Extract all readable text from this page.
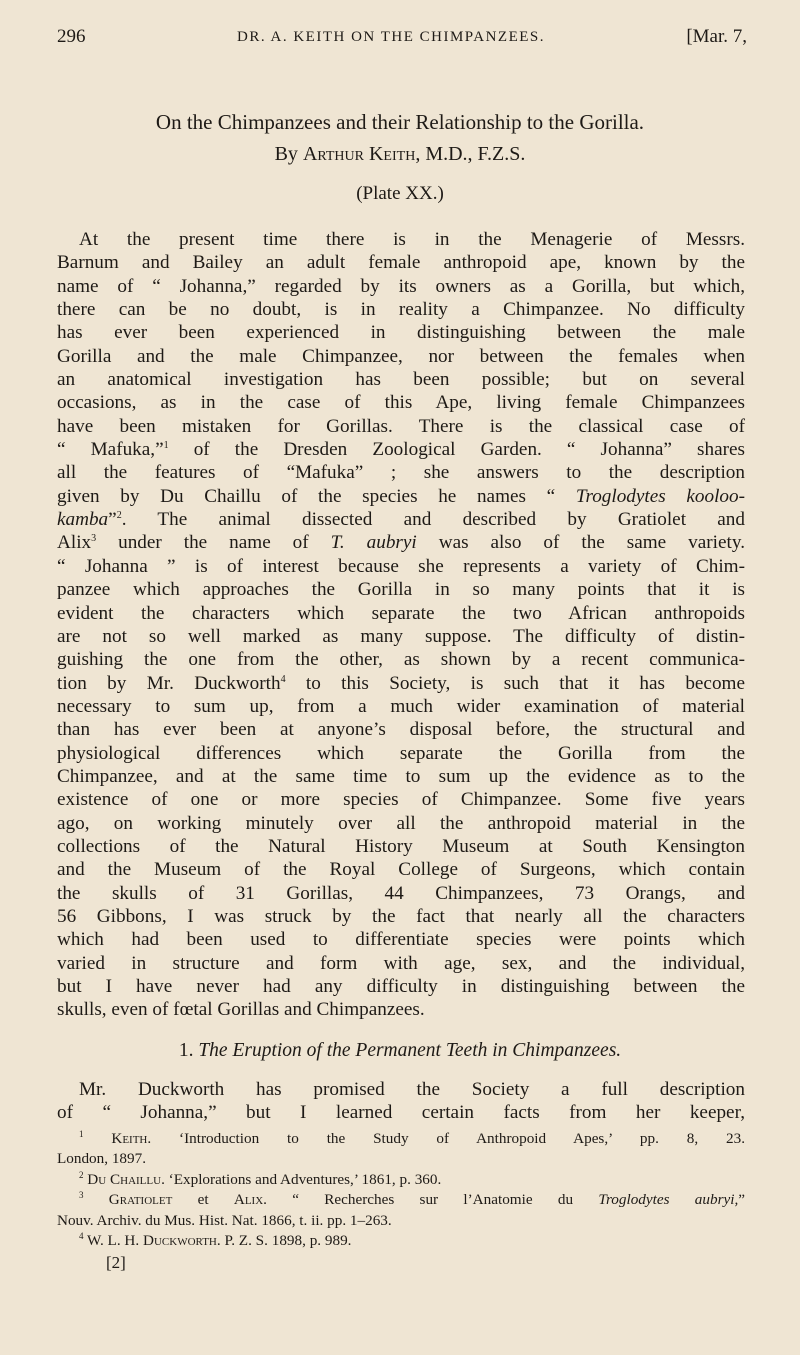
296	DR. A. KEITH ON THE CHIMPANZEES.	[Mar. 7,
On the Chimpanzees and their Relationship to the Gorilla.
By Arthur Keith, M.D., F.Z.S.
(Plate XX.)
At the present time there is in the Menagerie of Messrs.
Barnum and Bailey an adult female anthropoid ape, known by the
name of “ Johanna,” regarded by its owners as a Gorilla, but which,
there can be no doubt, is in reality a Chimpanzee. No difficulty
has ever been experienced in distinguishing between the male
Gorilla and the male Chimpanzee, nor between the females when
an anatomical investigation has been possible; but on several
occasions, as in the case of this Ape, living female Chimpanzees
have been mistaken for Gorillas. There is the classical case of
“ Mafuka,”$^1$ of the Dresden Zoological Garden. “ Johanna” shares
all the features of “Mafuka” ; she answers to the description
given by Du Chaillu of the species he names “ Troglodytes kooloo-
kamba”$^2$. The animal dissected and described by Gratiolet and
Alix$^3$ under the name of T. aubryi was also of the same variety.
“ Johanna ” is of interest because she represents a variety of Chim-
panzee which approaches the Gorilla in so many points that it is
evident the characters which separate the two African anthropoids
are not so well marked as many suppose. The difficulty of distin-
guishing the one from the other, as shown by a recent communica-
tion by Mr. Duckworth$^4$ to this Society, is such that it has become
necessary to sum up, from a much wider examination of material
than has ever been at anyone’s disposal before, the structural and
physiological differences which separate the Gorilla from the
Chimpanzee, and at the same time to sum up the evidence as to the
existence of one or more species of Chimpanzee. Some five years
ago, on working minutely over all the anthropoid material in the
collections of the Natural History Museum at South Kensington
and the Museum of the Royal College of Surgeons, which contain
the skulls of 31 Gorillas, 44 Chimpanzees, 73 Orangs, and
56 Gibbons, I was struck by the fact that nearly all the characters
which had been used to differentiate species were points which
varied in structure and form with age, sex, and the individual,
but I have never had any difficulty in distinguishing between the
skulls, even of fœtal Gorillas and Chimpanzees.
1. The Eruption of the Permanent Teeth in Chimpanzees.
Mr. Duckworth has promised the Society a full description
of “ Johanna,” but I learned certain facts from her keeper,
$^1$ Keith. ‘Introduction to the Study of Anthropoid Apes,’ pp. 8, 23.
London, 1897.
$^2$ Du Chaillu. ‘Explorations and Adventures,’ 1861, p. 360.
$^3$ Gratiolet et Alix. “ Recherches sur l’Anatomie du Troglodytes aubryi,”
Nouv. Archiv. du Mus. Hist. Nat. 1866, t. ii. pp. 1–263.
$^4$ W. L. H. Duckworth. P. Z. S. 1898, p. 989.
[2]
